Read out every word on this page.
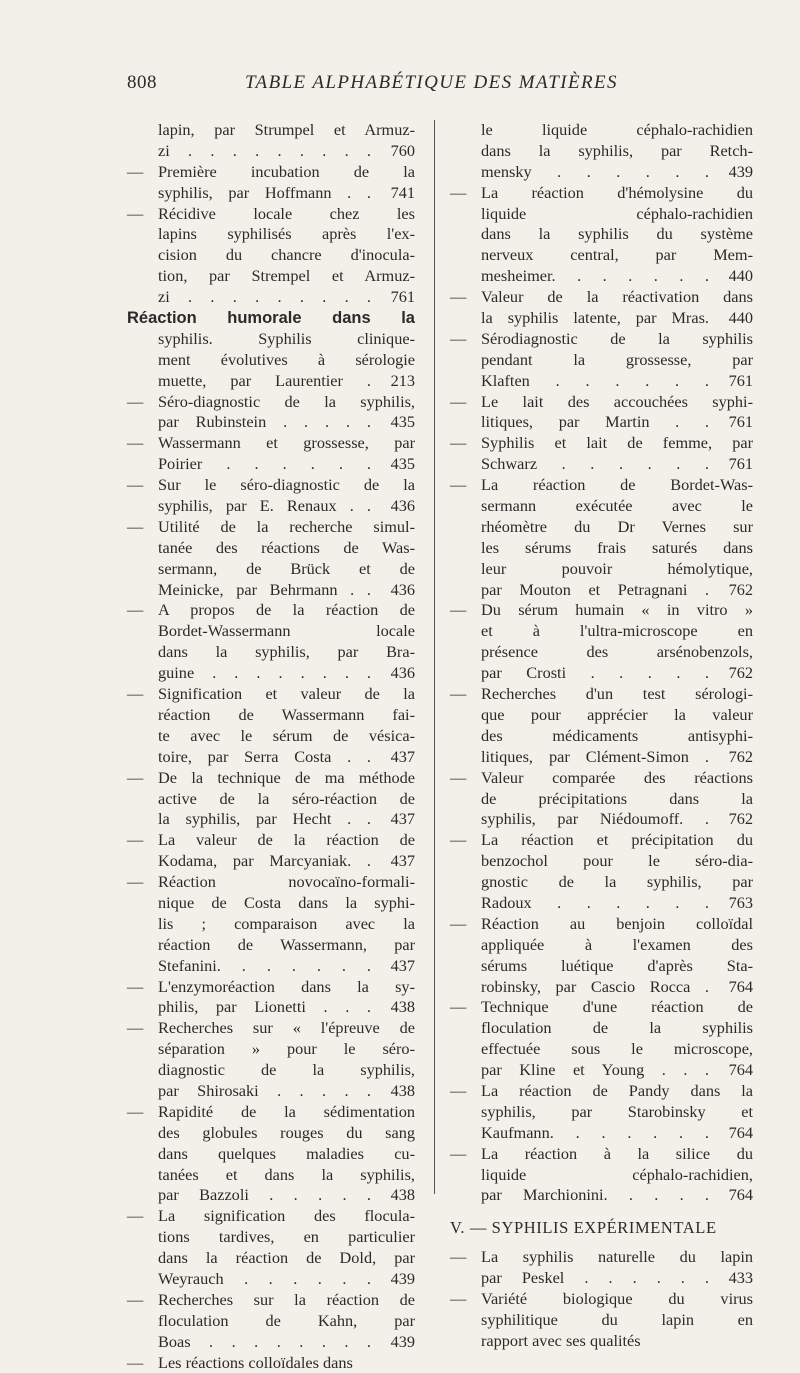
808	TABLE ALPHABÉTIQUE DES MATIÈRES
lapin, par Strumpel et Armuz-
zi . . . . . . . . . 760
— Première incubation de la
syphilis, par Hoffmann . . 741
— Récidive locale chez les
lapins syphilisés après l'ex-
cision du chancre d'inocula-
tion, par Strempel et Armuz-
zi . . . . . . . . . 761
Réaction humorale dans la
syphilis. Syphilis clinique-
ment évolutives à sérologie
muette, par Laurentier . 213
— Séro-diagnostic de la syphilis,
par Rubinstein . . . . . 435
— Wassermann et grossesse, par
Poirier . . . . . . 435
— Sur le séro-diagnostic de la
syphilis, par E. Renaux . . 436
— Utilité de la recherche simul-
tanée des réactions de Was-
sermann, de Brück et de
Meinicke, par Behrmann . . 436
— A propos de la réaction de
Bordet-Wassermann locale
dans la syphilis, par Bra-
guine . . . . . . . . 436
— Signification et valeur de la
réaction de Wassermann fai-
te avec le sérum de vésica-
toire, par Serra Costa . . 437
— De la technique de ma méthode
active de la séro-réaction de
la syphilis, par Hecht . . 437
— La valeur de la réaction de
Kodama, par Marcyaniak. . 437
— Réaction novocaïno-formali-
nique de Costa dans la syphi-
lis ; comparaison avec la
réaction de Wassermann, par
Stefanini. . . . . . . 437
— L'enzymoréaction dans la sy-
philis, par Lionetti . . . 438
— Recherches sur « l'épreuve de
séparation » pour le séro-
diagnostic de la syphilis,
par Shirosaki . . . . . 438
— Rapidité de la sédimentation
des globules rouges du sang
dans quelques maladies cu-
tanées et dans la syphilis,
par Bazzoli . . . . . 438
— La signification des flocula-
tions tardives, en particulier
dans la réaction de Dold, par
Weyrauch . . . . . . 439
— Recherches sur la réaction de
floculation de Kahn, par
Boas . . . . . . . . 439
— Les réactions colloïdales dans
le liquide céphalo-rachidien
dans la syphilis, par Retch-
mensky . . . . . . 439
— La réaction d'hémolysine du
liquide céphalo-rachidien
dans la syphilis du système
nerveux central, par Mem-
meshеimer. . . . . . . 440
— Valeur de la réactivation dans
la syphilis latente, par Mras. 440
— Sérodiagnostic de la syphilis
pendant la grossesse, par
Klaften . . . . . . 761
— Le lait des accouchées syphi-
litiques, par Martin . . 761
— Syphilis et lait de femme, par
Schwarz . . . . . . 761
— La réaction de Bordet-Was-
sermann exécutée avec le
rhéomètre du Dr Vernes sur
les sérums frais saturés dans
leur pouvoir hémolytique,
par Mouton et Petragnani . 762
— Du sérum humain « in vitro »
et à l'ultra-microscope en
présence des arsénobenzols,
par Crosti . . . . . 762
— Recherches d'un test sérologi-
que pour apprécier la valeur
des médicaments antisyphi-
litiques, par Clément-Simon . 762
— Valeur comparée des réactions
de précipitations dans la
syphilis, par Niédoumoff. . 762
— La réaction et précipitation du
benzochol pour le séro-dia-
gnostic de la syphilis, par
Radoux . . . . . . 763
— Réaction au benjoin colloïdal
appliquée à l'examen des
sérums luétique d'après Sta-
robinsky, par Cascio Rocca . 764
— Technique d'une réaction de
floculation de la syphilis
effectuée sous le microscope,
par Kline et Young . . . 764
— La réaction de Pandy dans la
syphilis, par Starobinsky et
Kaufmann. . . . . . . 764
— La réaction à la silice du
liquide céphalo-rachidien,
par Marchionini. . . . . 764
V. — SYPHILIS EXPÉRIMENTALE
— La syphilis naturelle du lapin
par Peskel . . . . . . 433
— Variété biologique du virus
syphilitique du lapin en
rapport avec ses qualités
